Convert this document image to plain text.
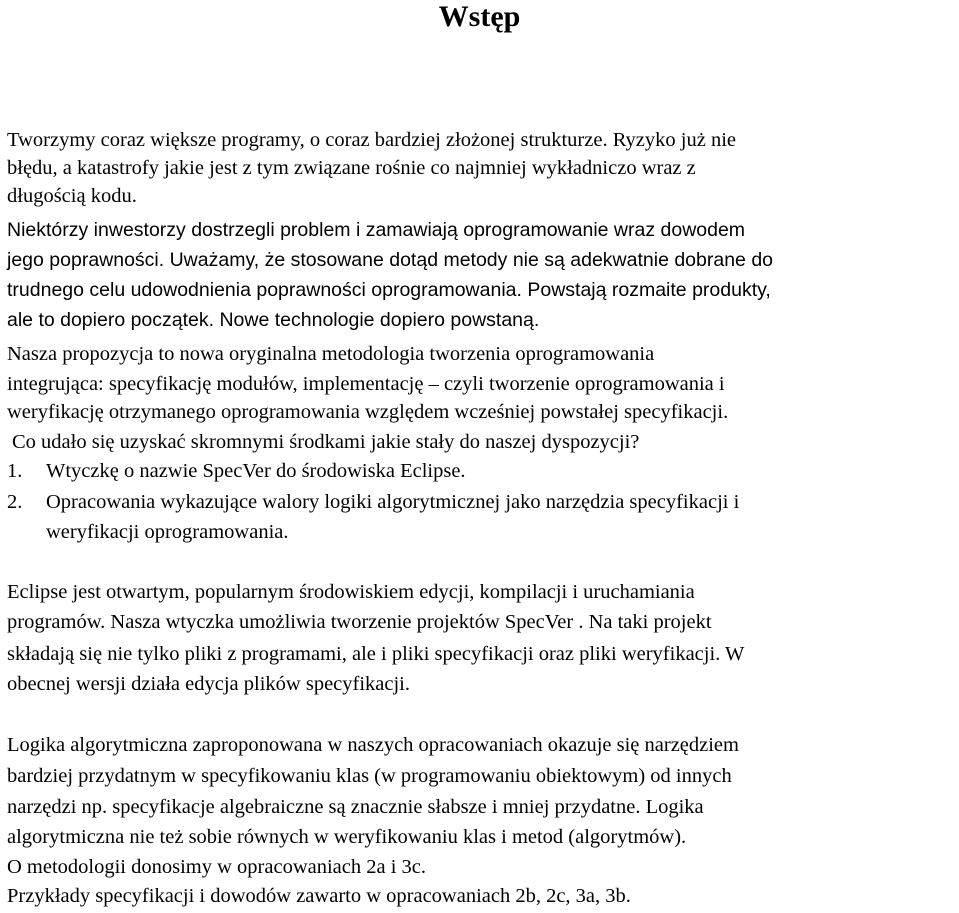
Wstęp

Tworzymy coraz większe programy, o coraz bardziej złożonej strukturze. Ryzyko już nie

błędu, a katastrofy jakie jest z tym związane rośnie co najmniej wykładniczo wraz z

długością kodu.

Niektórzy inwestorzy dostrzegli problem i zamawiają oprogramowanie wraz dowodem

jego poprawności. Uważamy, że stosowane dotąd metody nie są adekwatnie dobrane do

trudnego celu udowodnienia poprawności oprogramowania. Powstają rozmaite produkty,

ale to dopiero początek. Nowe technologie dopiero powstaną.

Nasza propozycja to nowa oryginalna metodologia tworzenia oprogramowania

integrująca: specyfikację modułów, implementację – czyli tworzenie oprogramowania i

weryfikację otrzymanego oprogramowania względem wcześniej powstałej specyfikacji.

Co udało się uzyskać skromnymi środkami jakie stały do naszej dyspozycji?

1. Wtyczkę o nazwie SpecVer do środowiska Eclipse.

2. Opracowania wykazujące walory logiki algorytmicznej jako narzędzia specyfikacji i

weryfikacji oprogramowania.

Eclipse jest otwartym, popularnym środowiskiem edycji, kompilacji i uruchamiania

programów. Nasza wtyczka umożliwia tworzenie projektów SpecVer . Na taki projekt

składają się nie tylko pliki z programami, ale i pliki specyfikacji oraz pliki weryfikacji. W

obecnej wersji działa edycja plików specyfikacji.

Logika algorytmiczna zaproponowana w naszych opracowaniach okazuje się narzędziem

bardziej przydatnym w specyfikowaniu klas (w programowaniu obiektowym) od innych

narzędzi np. specyfikacje algebraiczne są znacznie słabsze i mniej przydatne. Logika

algorytmiczna nie też sobie równych w weryfikowaniu klas i metod (algorytmów).

O metodologii donosimy w opracowaniach 2a i 3c.

Przykłady specyfikacji i dowodów zawarto w opracowaniach 2b, 2c, 3a, 3b.
